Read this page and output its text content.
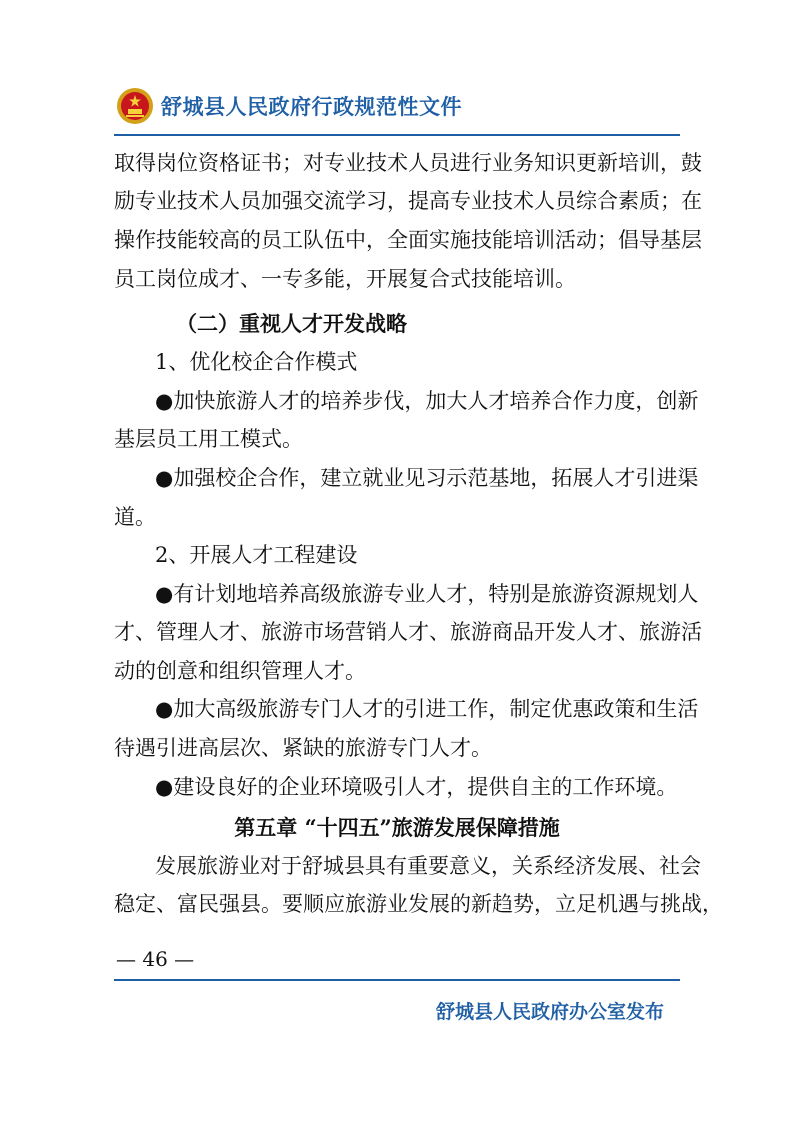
舒城县人民政府行政规范性文件
取得岗位资格证书；对专业技术人员进行业务知识更新培训，鼓
励专业技术人员加强交流学习，提高专业技术人员综合素质；在
操作技能较高的员工队伍中，全面实施技能培训活动；倡导基层
员工岗位成才、一专多能，开展复合式技能培训。
（二）重视人才开发战略
1、优化校企合作模式
●加快旅游人才的培养步伐，加大人才培养合作力度，创新
基层员工用工模式。
●加强校企合作，建立就业见习示范基地，拓展人才引进渠
道。
2、开展人才工程建设
●有计划地培养高级旅游专业人才，特别是旅游资源规划人
才、管理人才、旅游市场营销人才、旅游商品开发人才、旅游活
动的创意和组织管理人才。
●加大高级旅游专门人才的引进工作，制定优惠政策和生活
待遇引进高层次、紧缺的旅游专门人才。
●建设良好的企业环境吸引人才，提供自主的工作环境。
第五章 “十四五”旅游发展保障措施
发展旅游业对于舒城县具有重要意义，关系经济发展、社会
稳定、富民强县。要顺应旅游业发展的新趋势，立足机遇与挑战，
— 46 —
舒城县人民政府办公室发布
